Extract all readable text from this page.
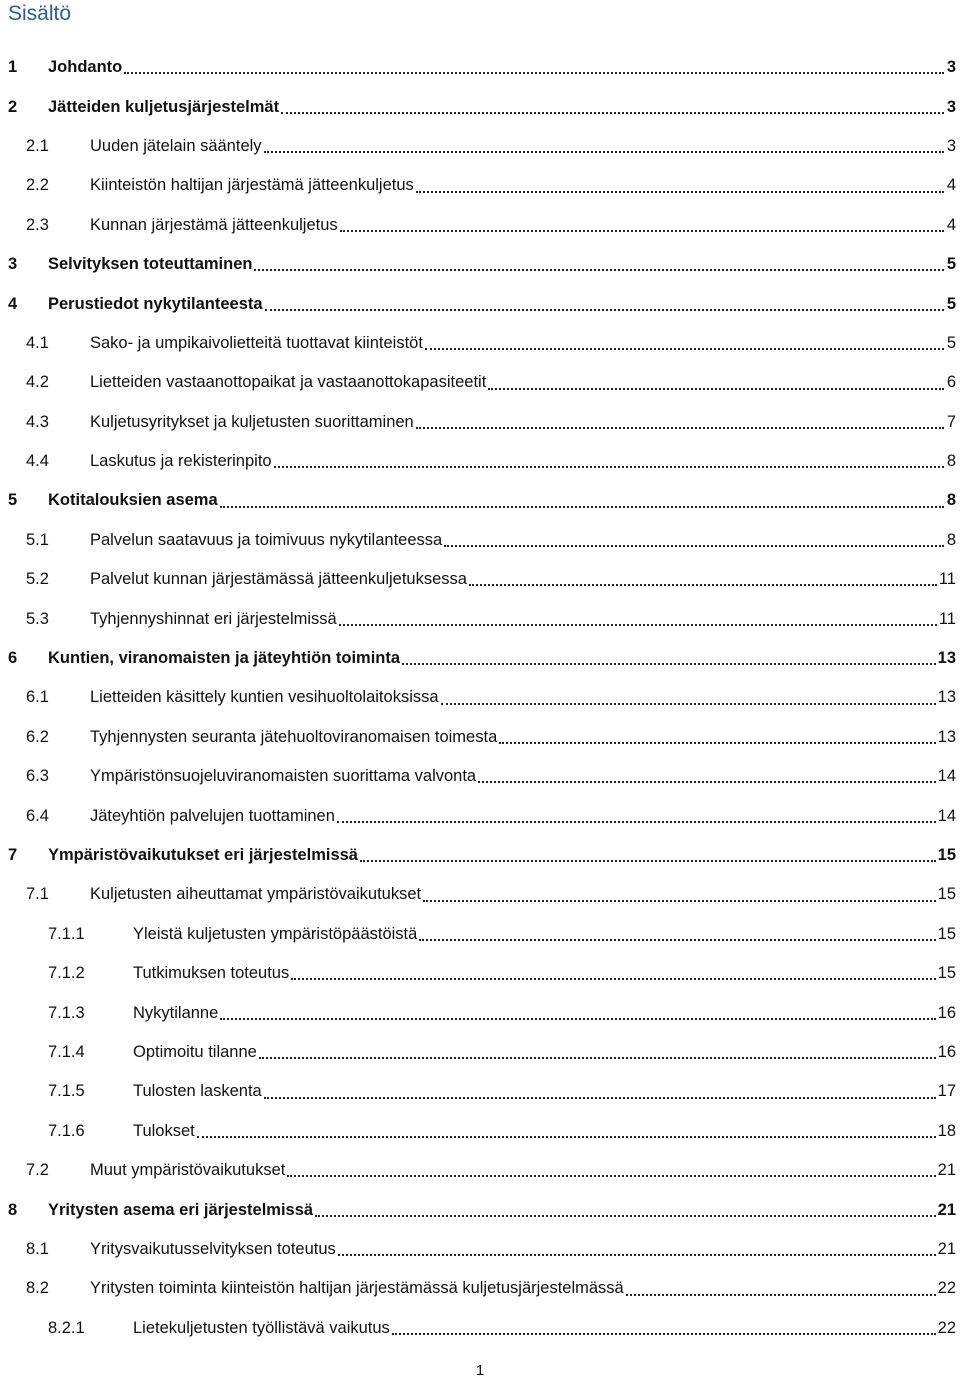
Sisältö
1 Johdanto	3
2 Jätteiden kuljetusjärjestelmät	3
2.1 Uuden jätelain sääntely	3
2.2 Kiinteistön haltijan järjestämä jätteenkuljetus	4
2.3 Kunnan järjestämä jätteenkuljetus	4
3 Selvityksen toteuttaminen	5
4 Perustiedot nykytilanteesta	5
4.1 Sako- ja umpikaivolietteitä tuottavat kiinteistöt	5
4.2 Lietteiden vastaanottopaikat ja vastaanottokapasiteetit	6
4.3 Kuljetusyritykset ja kuljetusten suorittaminen	7
4.4 Laskutus ja rekisterinpito	8
5 Kotitalouksien asema	8
5.1 Palvelun saatavuus ja toimivuus nykytilanteessa	8
5.2 Palvelut kunnan järjestämässä jätteenkuljetuksessa	11
5.3 Tyhjennyshinnat eri järjestelmissä	11
6 Kuntien, viranomaisten ja jäteyhtiön toiminta	13
6.1 Lietteiden käsittely kuntien vesihuoltolaitoksissa	13
6.2 Tyhjennysten seuranta jätehuoltoviranomaisen toimesta	13
6.3 Ympäristönsuojeluviranomaisten suorittama valvonta	14
6.4 Jäteyhtiön palvelujen tuottaminen	14
7 Ympäristövaikutukset eri järjestelmissä	15
7.1 Kuljetusten aiheuttamat ympäristövaikutukset	15
7.1.1	Yleistä kuljetusten ympäristöpäästöistä	15
7.1.2	Tutkimuksen toteutus	15
7.1.3	Nykytilanne	16
7.1.4	Optimoitu tilanne	16
7.1.5	Tulosten laskenta	17
7.1.6	Tulokset	18
7.2 Muut ympäristövaikutukset	21
8 Yritysten asema eri järjestelmissä	21
8.1 Yritysvaikutusselvityksen toteutus	21
8.2 Yritysten toiminta kiinteistön haltijan järjestämässä kuljetusjärjestelmässä	22
8.2.1	Lietekuljetusten työllistävä vaikutus	22
1
